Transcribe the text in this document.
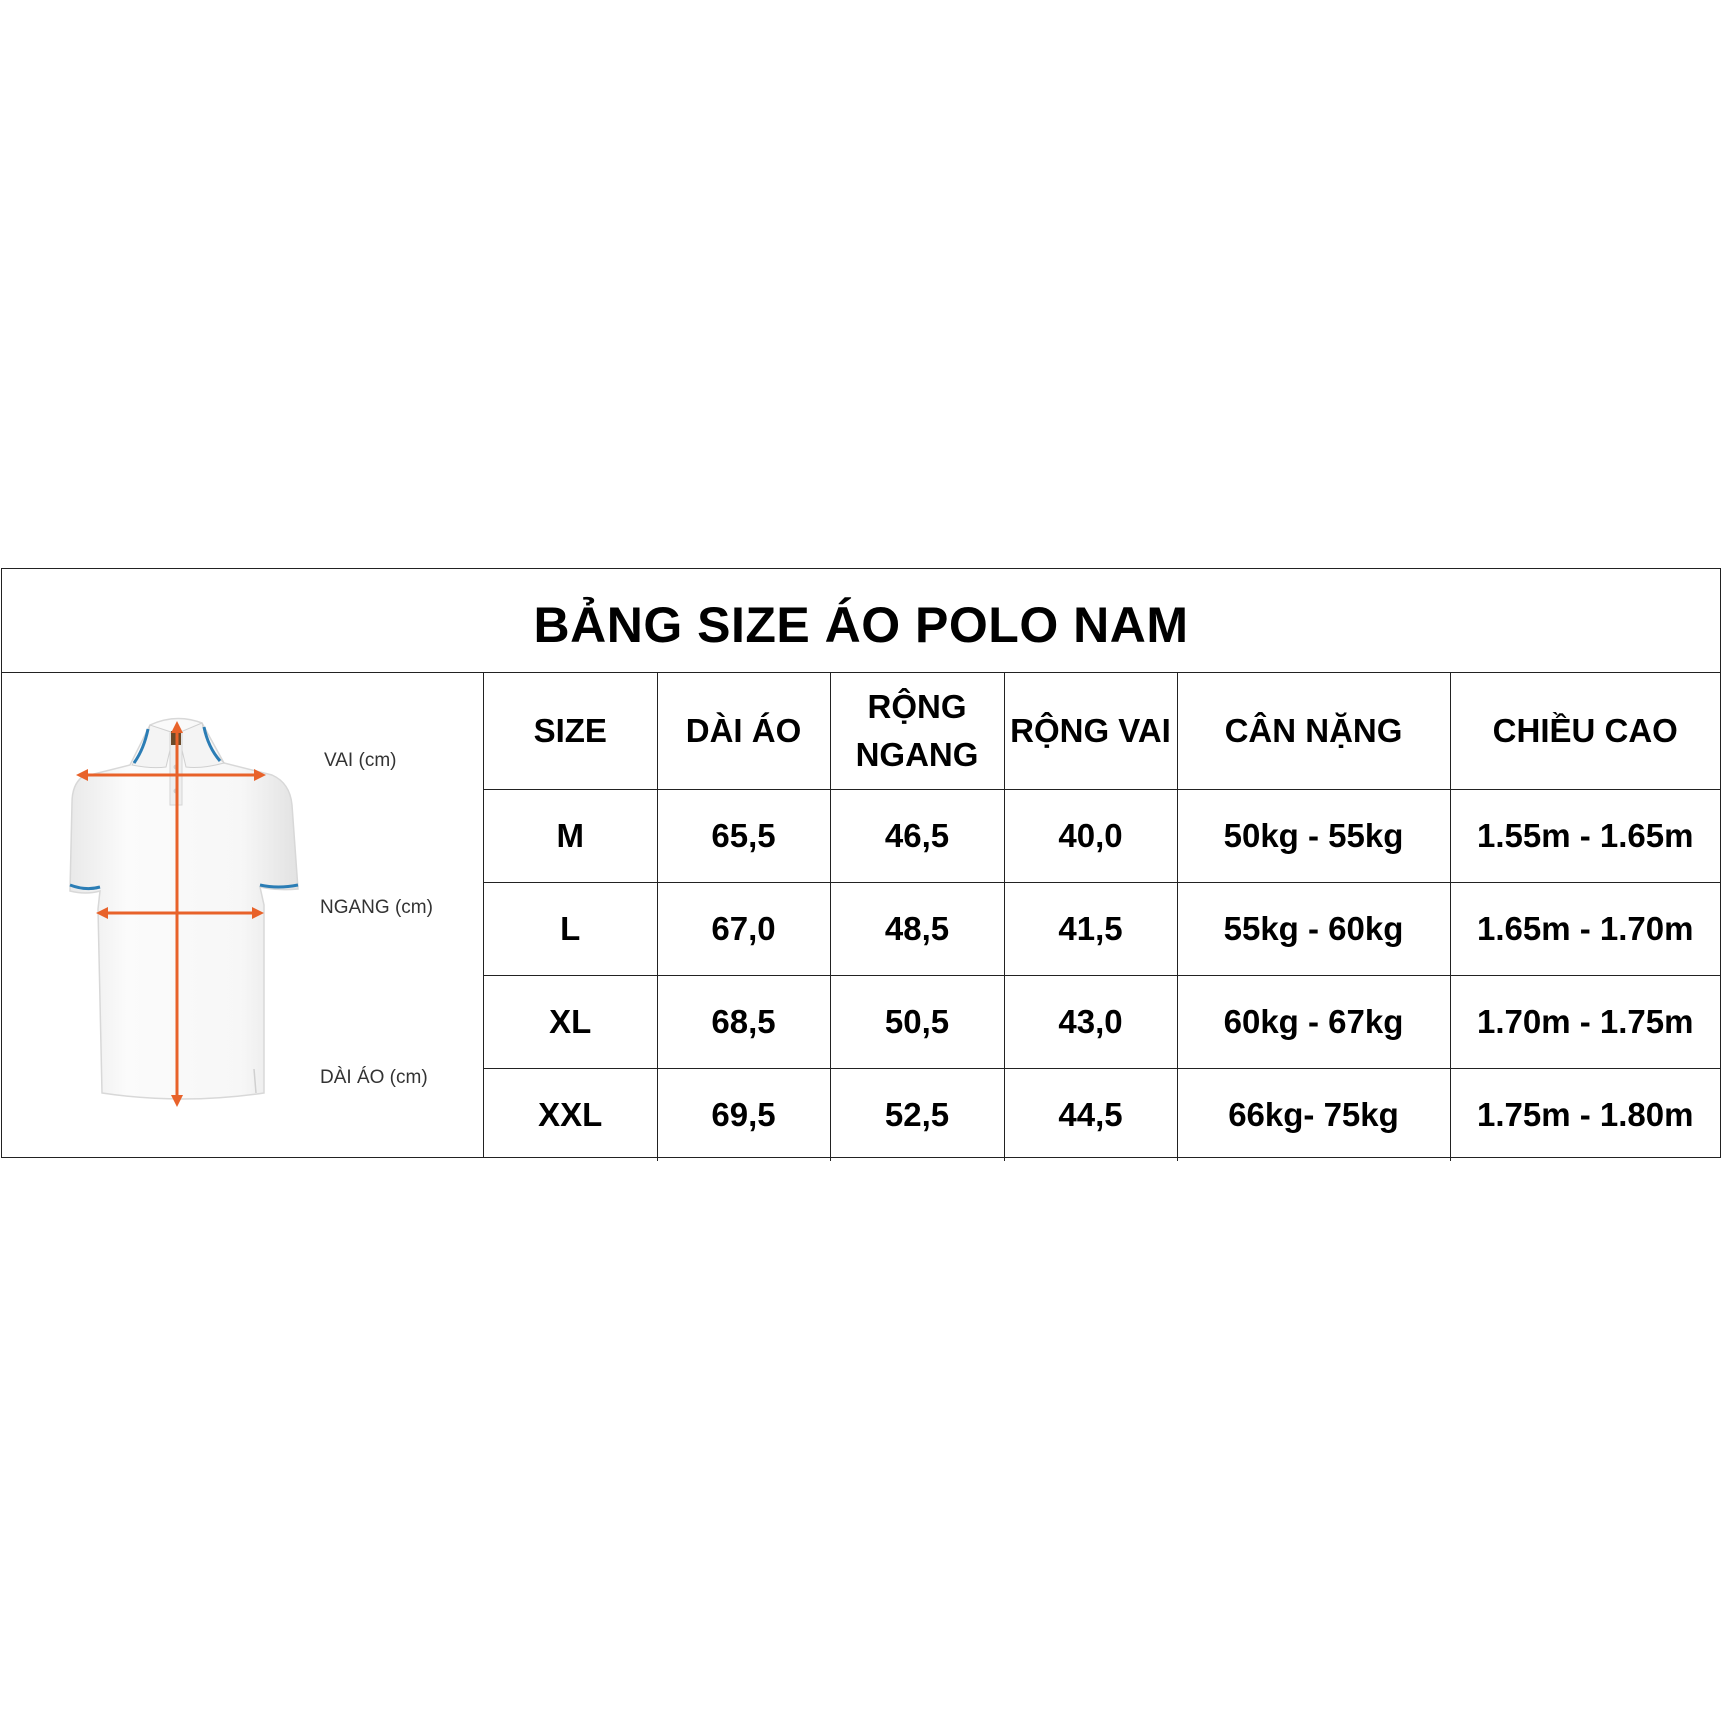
BẢNG SIZE ÁO POLO NAM
VAI (cm)
NGANG (cm)
DÀI ÁO (cm)
SIZE	DÀI ÁO	RỘNG NGANG	RỘNG VAI	CÂN NẶNG	CHIỀU CAO
M	65,5	46,5	40,0	50kg - 55kg	1.55m - 1.65m
L	67,0	48,5	41,5	55kg - 60kg	1.65m - 1.70m
XL	68,5	50,5	43,0	60kg - 67kg	1.70m - 1.75m
XXL	69,5	52,5	44,5	66kg- 75kg	1.75m - 1.80m
